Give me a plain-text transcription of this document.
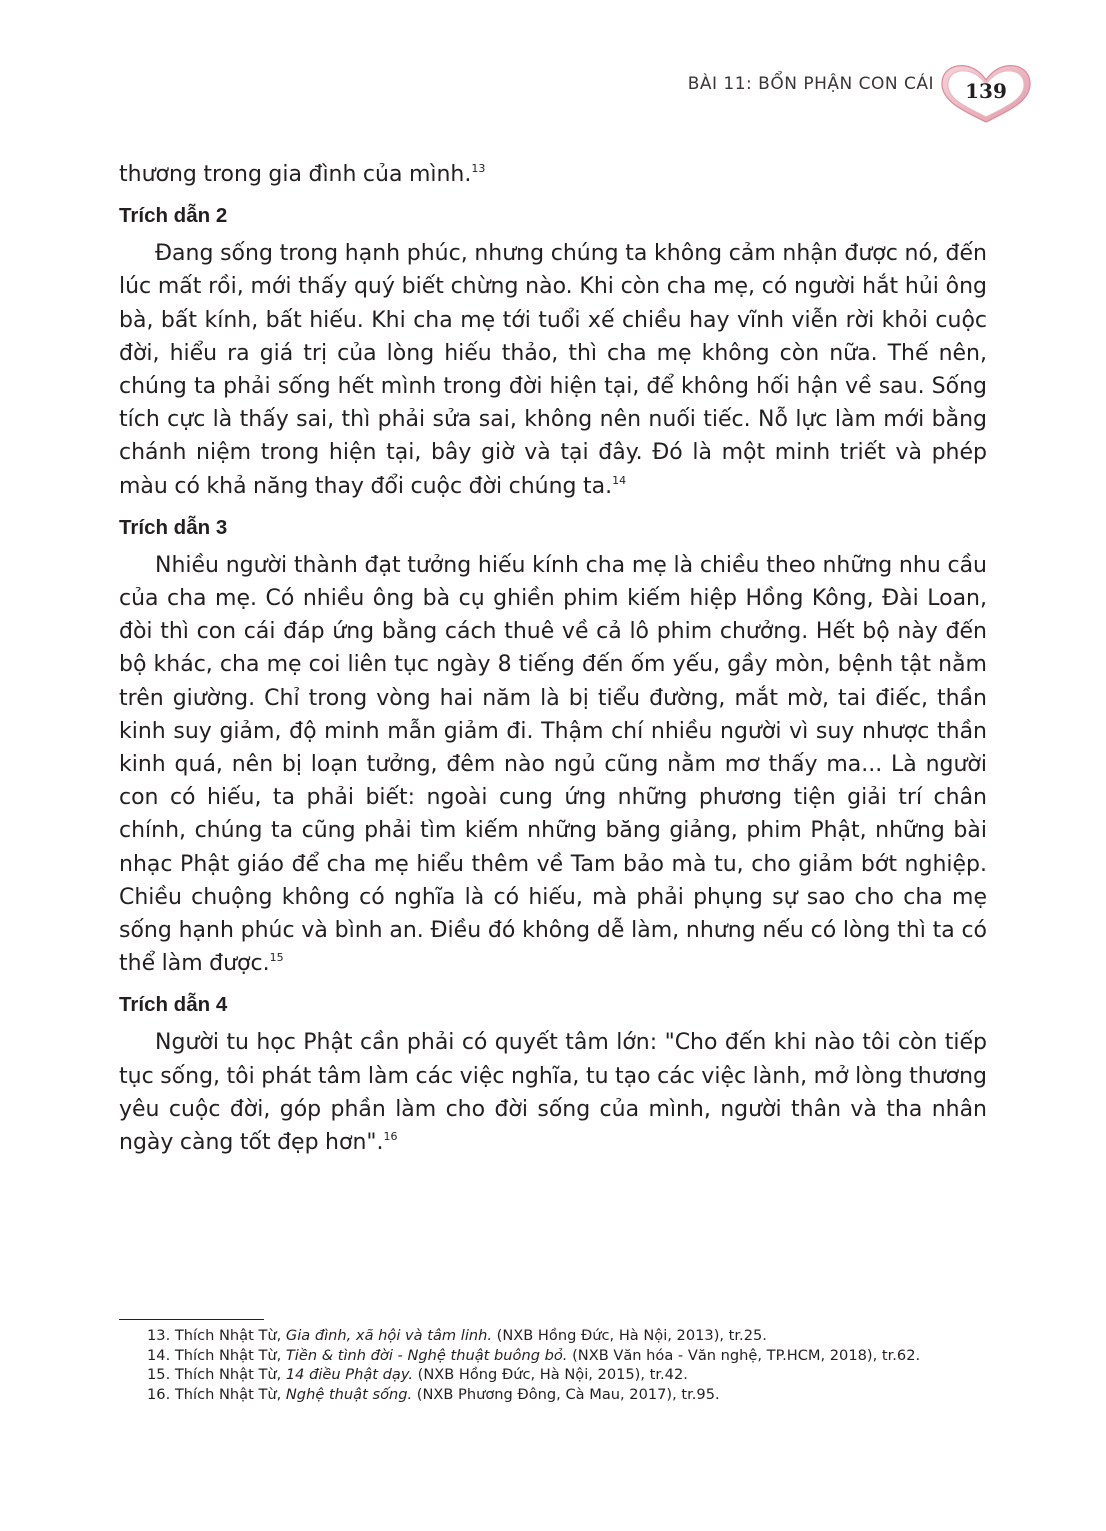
BÀI 11: BỔN PHẬN CON CÁI	139

thương trong gia đình của mình.$^{13}$

Trích dẫn 2

Đang sống trong hạnh phúc, nhưng chúng ta không cảm nhận được nó, đến lúc mất rồi, mới thấy quý biết chừng nào. Khi còn cha mẹ, có người hắt hủi ông bà, bất kính, bất hiếu. Khi cha mẹ tới tuổi xế chiều hay vĩnh viễn rời khỏi cuộc đời, hiểu ra giá trị của lòng hiếu thảo, thì cha mẹ không còn nữa. Thế nên, chúng ta phải sống hết mình trong đời hiện tại, để không hối hận về sau. Sống tích cực là thấy sai, thì phải sửa sai, không nên nuối tiếc. Nỗ lực làm mới bằng chánh niệm trong hiện tại, bây giờ và tại đây. Đó là một minh triết và phép màu có khả năng thay đổi cuộc đời chúng ta.$^{14}$

Trích dẫn 3

Nhiều người thành đạt tưởng hiếu kính cha mẹ là chiều theo những nhu cầu của cha mẹ. Có nhiều ông bà cụ ghiền phim kiếm hiệp Hồng Kông, Đài Loan, đòi thì con cái đáp ứng bằng cách thuê về cả lô phim chưởng. Hết bộ này đến bộ khác, cha mẹ coi liên tục ngày 8 tiếng đến ốm yếu, gầy mòn, bệnh tật nằm trên giường. Chỉ trong vòng hai năm là bị tiểu đường, mắt mờ, tai điếc, thần kinh suy giảm, độ minh mẫn giảm đi. Thậm chí nhiều người vì suy nhược thần kinh quá, nên bị loạn tưởng, đêm nào ngủ cũng nằm mơ thấy ma... Là người con có hiếu, ta phải biết: ngoài cung ứng những phương tiện giải trí chân chính, chúng ta cũng phải tìm kiếm những băng giảng, phim Phật, những bài nhạc Phật giáo để cha mẹ hiểu thêm về Tam bảo mà tu, cho giảm bớt nghiệp. Chiều chuộng không có nghĩa là có hiếu, mà phải phụng sự sao cho cha mẹ sống hạnh phúc và bình an. Điều đó không dễ làm, nhưng nếu có lòng thì ta có thể làm được.$^{15}$

Trích dẫn 4

Người tu học Phật cần phải có quyết tâm lớn: "Cho đến khi nào tôi còn tiếp tục sống, tôi phát tâm làm các việc nghĩa, tu tạo các việc lành, mở lòng thương yêu cuộc đời, góp phần làm cho đời sống của mình, người thân và tha nhân ngày càng tốt đẹp hơn".$^{16}$

13. Thích Nhật Từ, Gia đình, xã hội và tâm linh. (NXB Hồng Đức, Hà Nội, 2013), tr.25.

14. Thích Nhật Từ, Tiền & tình đời - Nghệ thuật buông bỏ. (NXB Văn hóa - Văn nghệ, TP.HCM, 2018), tr.62.

15. Thích Nhật Từ, 14 điều Phật dạy. (NXB Hồng Đức, Hà Nội, 2015), tr.42.

16. Thích Nhật Từ, Nghệ thuật sống. (NXB Phương Đông, Cà Mau, 2017), tr.95.
